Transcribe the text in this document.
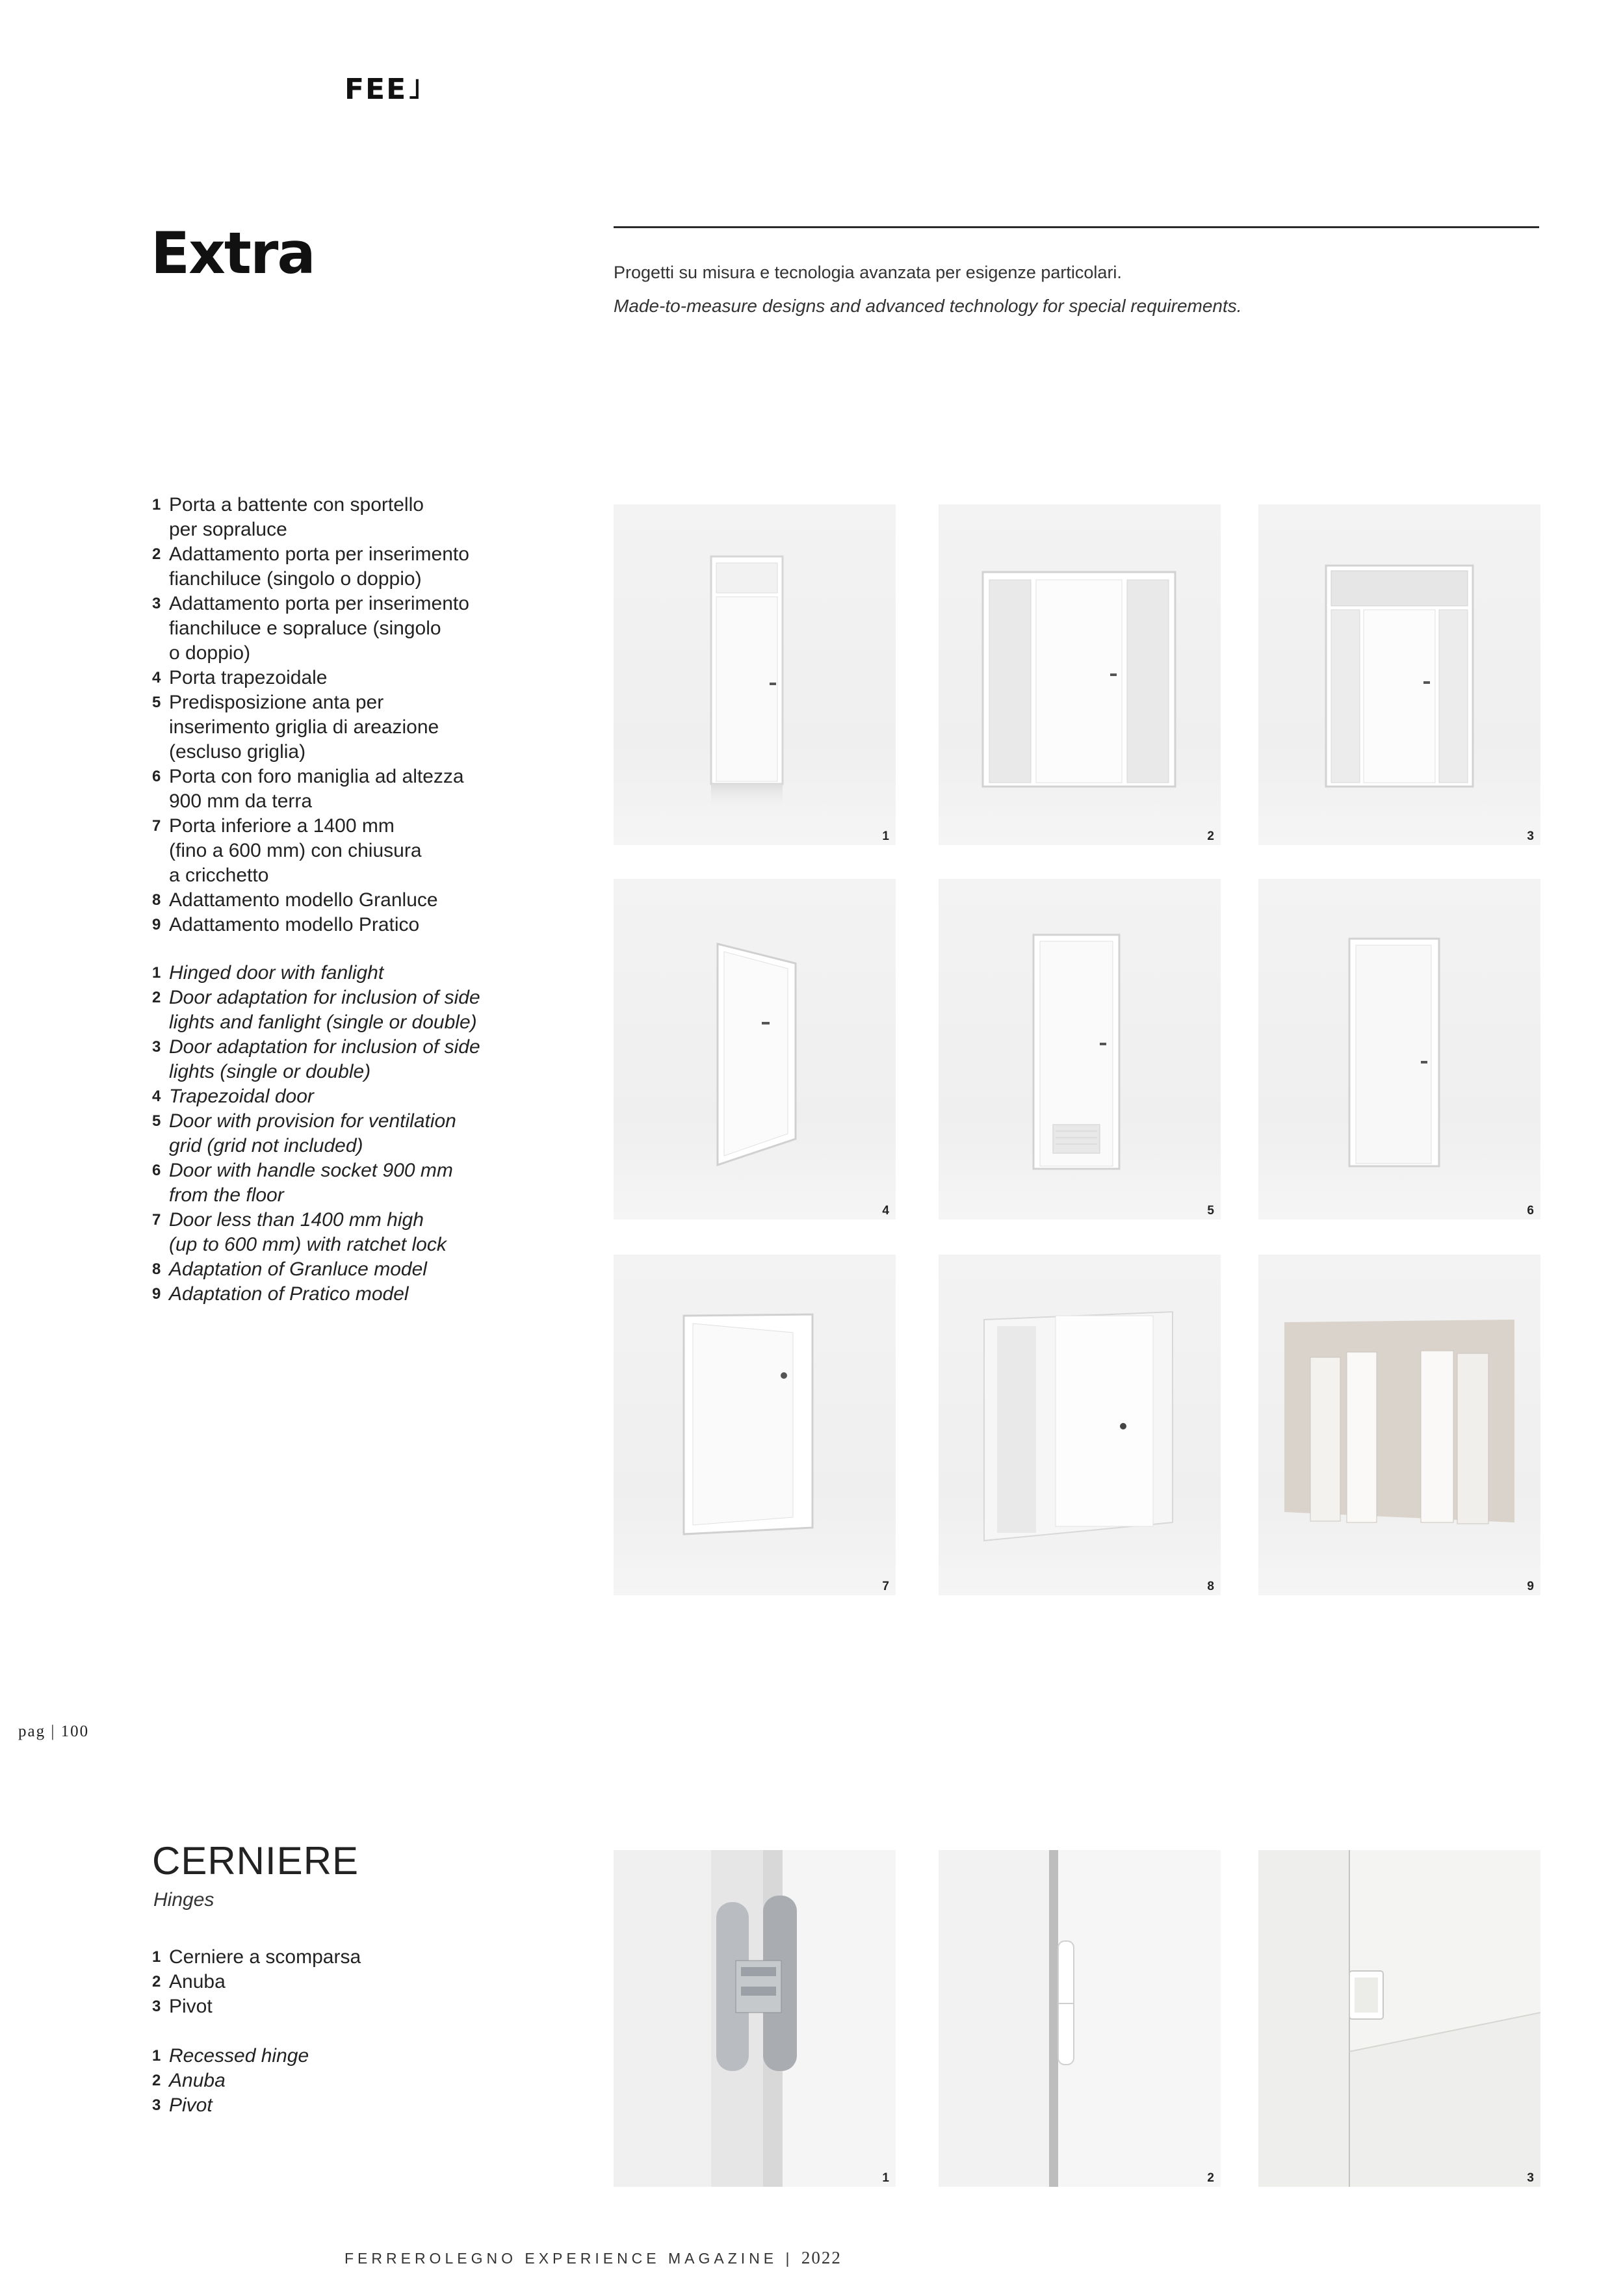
FEE˩
Extra	Progetti su misura e tecnologia avanzata per esigenze particolari.
Made-to-measure designs and advanced technology for special requirements.
1 Porta a battente con sportello
per sopraluce
2 Adattamento porta per inserimento
fianchiluce (singolo o doppio)
3 Adattamento porta per inserimento
fianchiluce e sopraluce (singolo
o doppio)
4 Porta trapezoidale
5 Predisposizione anta per
inserimento griglia di areazione
(escluso griglia)
6 Porta con foro maniglia ad altezza
900 mm da terra
7 Porta inferiore a 1400 mm
(fino a 600 mm) con chiusura
a cricchetto
8 Adattamento modello Granluce
9 Adattamento modello Pratico
1 Hinged door with fanlight
2 Door adaptation for inclusion of side
lights and fanlight (single or double)
3 Door adaptation for inclusion of side
lights (single or double)
4 Trapezoidal door
5 Door with provision for ventilation
grid (grid not included)
6 Door with handle socket 900 mm
from the floor
7 Door less than 1400 mm high
(up to 600 mm) with ratchet lock
8 Adaptation of Granluce model
9 Adaptation of Pratico model
1	2	3
4	5	6
7	8	9
pag | 100
CERNIERE
Hinges
1 Cerniere a scomparsa
2 Anuba
3 Pivot
1 Recessed hinge
2 Anuba
3 Pivot
1	2	3
FERREROLEGNO EXPERIENCE MAGAZINE | 2022
